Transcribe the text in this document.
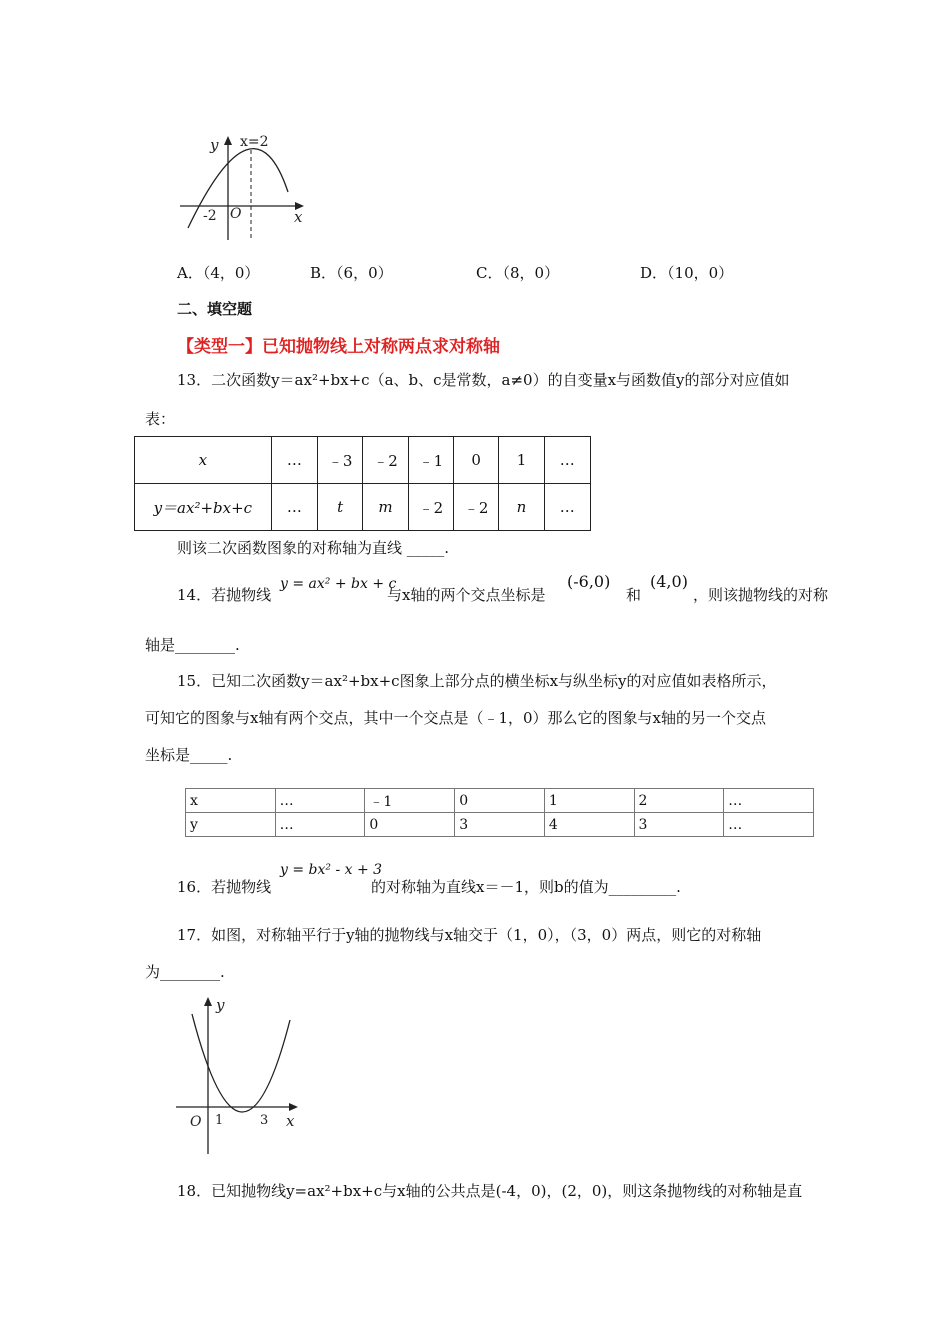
y x=2
O
-2	x
A．（4，0）	B．（6，0）	C．（8，0）	D．（10，0）
二、填空题
【类型一】已知抛物线上对称两点求对称轴
13．二次函数y＝ax²+bx+c（a、b、c是常数，a≠0）的自变量x与函数值y的部分对应值如
表：
x	…	﹣3	﹣2	﹣1	0	1	…
y＝ax²+bx+c	…	t	m	﹣2	﹣2	n	…
则该二次函数图象的对称轴为直线 _____.
14．若抛物线
y = ax² + bx + c
与x轴的两个交点坐标是
(-6,0)
和
(4,0)
，则该抛物线的对称
轴是________.
15．已知二次函数y＝ax²+bx+c图象上部分点的横坐标x与纵坐标y的对应值如表格所示，
可知它的图象与x轴有两个交点，其中一个交点是（﹣1，0）那么它的图象与x轴的另一个交点
坐标是_____.
x	…	﹣1	0	1	2	…
y	…	0	3	4	3	…
16．若抛物线
y = bx² - x + 3
的对称轴为直线x＝－1，则b的值为_________.
17．如图，对称轴平行于y轴的抛物线与x轴交于（1，0），（3，0）两点，则它的对称轴
为________.
y
O 1	3 x
18．已知抛物线y=ax²+bx+c与x轴的公共点是(-4，0)，(2，0)，则这条抛物线的对称轴是直
